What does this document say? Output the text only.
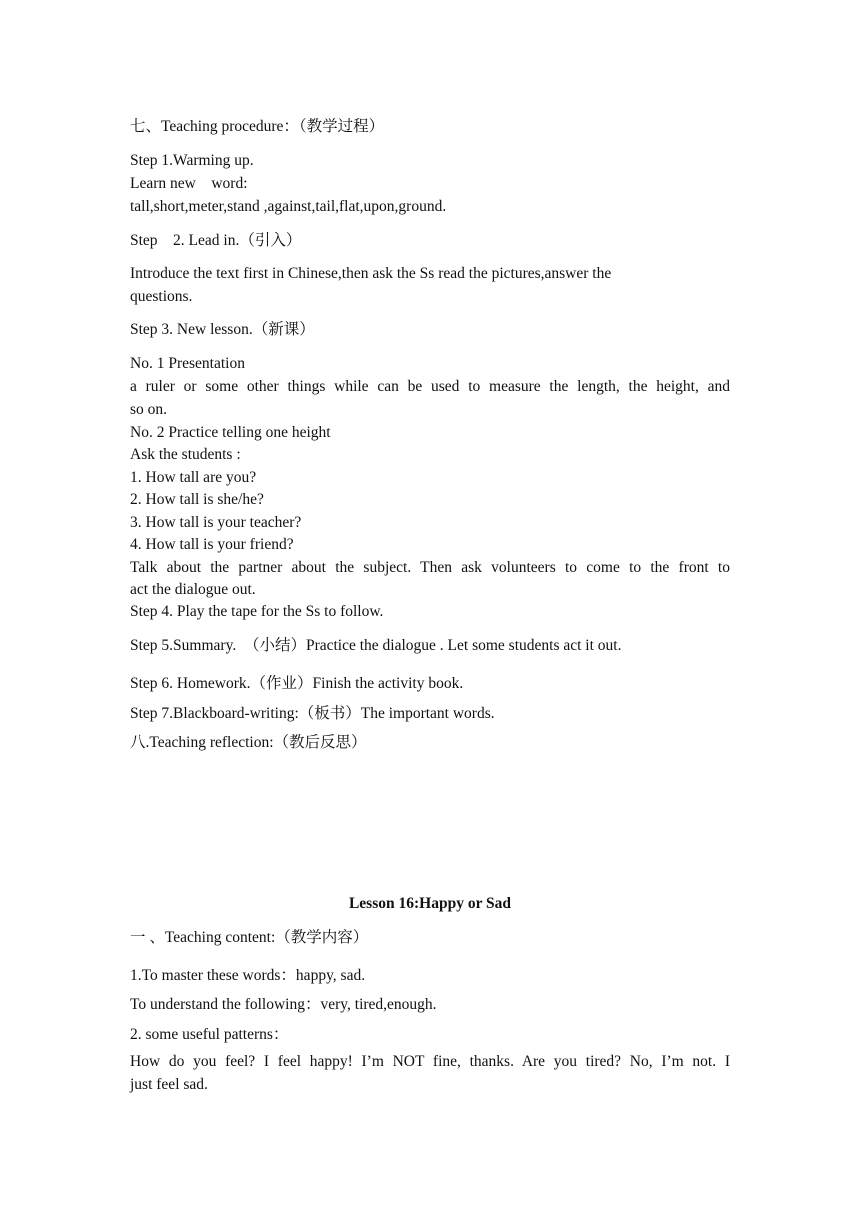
七、Teaching procedure：（教学过程）
Step 1.Warming up.
Learn new    word:
tall,short,meter,stand ,against,tail,flat,upon,ground.
Step    2. Lead in.（引入）
Introduce the text first in Chinese,then ask the Ss read the pictures,answer the
questions.
Step 3. New lesson.（新课）
No. 1 Presentation
a ruler or some other things while can be used to measure the length, the height, and
so on.
No. 2 Practice telling one height
Ask the students :
1. How tall are you?
2. How tall is she/he?
3. How tall is your teacher?
4. How tall is your friend?
Talk about the partner about the subject. Then ask volunteers to come to the front to
act the dialogue out.
Step 4. Play the tape for the Ss to follow.
Step 5.Summary.  （小结）Practice the dialogue . Let some students act it out.
Step 6. Homework.（作业）Finish the activity book.
Step 7.Blackboard-writing:（板书）The important words.
八.Teaching reflection:（教后反思）
Lesson 16:Happy or Sad
一 、Teaching content:（教学内容）
1.To master these words：happy, sad.
To understand the following：very, tired,enough.
2. some useful patterns：
How do you feel? I feel happy! I’m NOT fine, thanks. Are you tired? No, I’m not. I
just feel sad.
